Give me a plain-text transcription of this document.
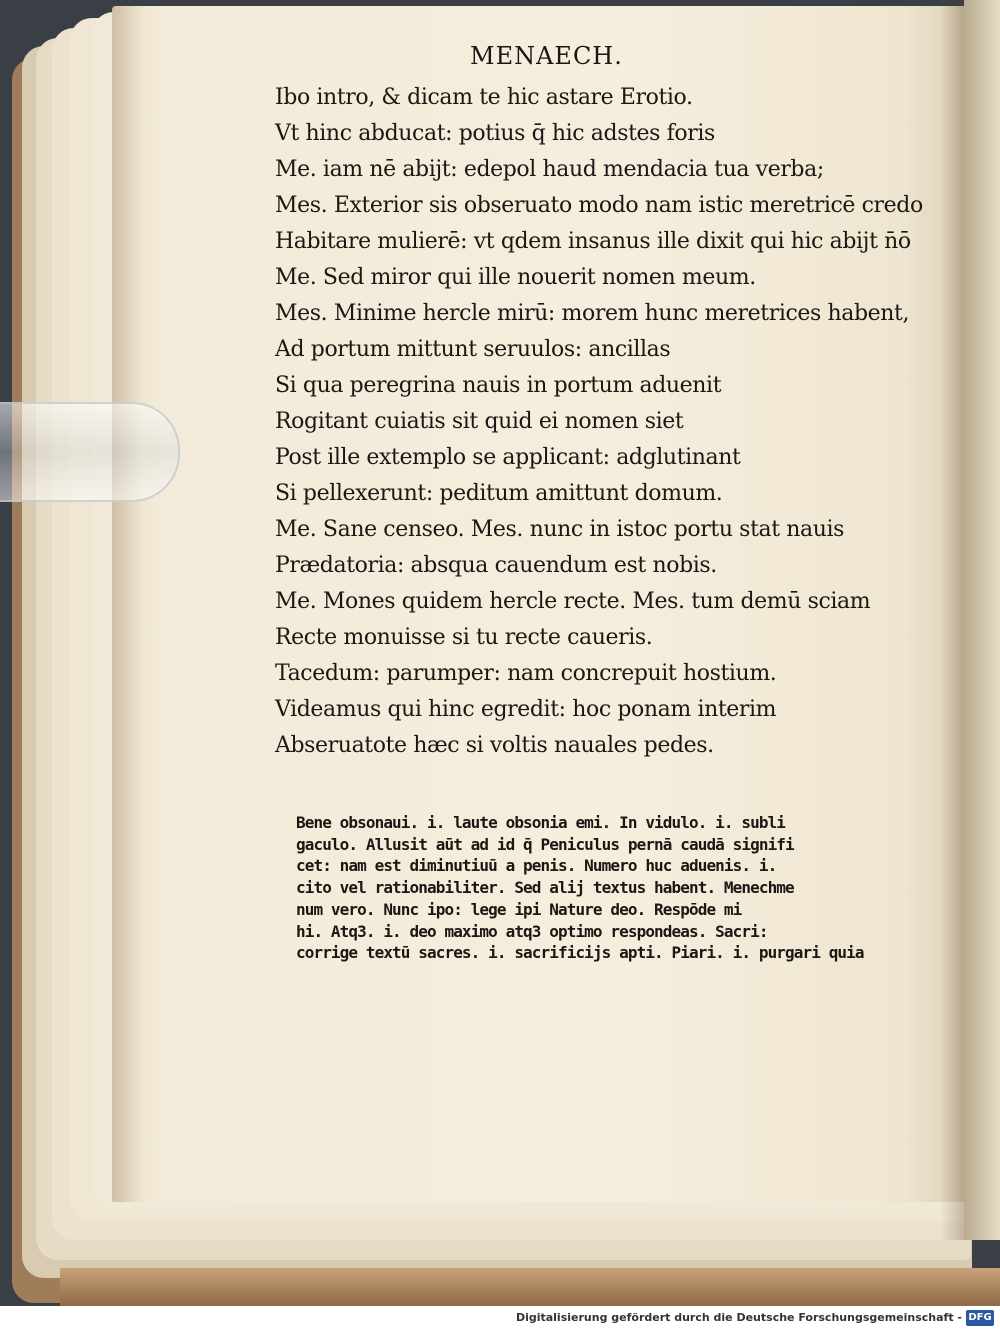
MENAECH.
Ibo intro, & dicam te hic astare Erotio.
Vt hinc abducat: potius q̄ hic adstes foris
Me. iam nē abijt: edepol haud mendacia tua verba;
Mes. Exterior sis obseruato modo nam istic meretricē credo
Habitare mulierē: vt qdem insanus ille dixit qui hic abijt n̄ō
Me. Sed miror qui ille nouerit nomen meum.
Mes. Minime hercle mirū: morem hunc meretrices habent,
Ad portum mittunt seruulos: ancillas
Si qua peregrina nauis in portum aduenit
Rogitant cuiatis sit quid ei nomen siet
Post ille extemplo se applicant: adglutinant
Si pellexerunt: peditum amittunt domum.
Me. Sane censeo. Mes. nunc in istoc portu stat nauis
Prædatoria: absqua cauendum est nobis.
Me. Mones quidem hercle recte. Mes. tum demū sciam
Recte monuisse si tu recte caueris.
Tacedum: parumper: nam concrepuit hostium.
Videamus qui hinc egredit: hoc ponam interim
Abseruatote hæc si voltis nauales pedes.
Bene obsonaui. i. laute obsonia emi. In vidulo. i. subli
gaculo. Allusit aūt ad id q̄ Peniculus pernā caudā signifi
cet: nam est diminutiuū a penis. Numero huc aduenis. i.
cito vel rationabiliter. Sed alij textus habent. Menechme
num vero. Nunc ipo: lege ipi Nature deo. Respōde mi
hi. Atq3. i. deo maximo atq3 optimo respondeas. Sacri:
corrige textū sacres. i. sacrificijs apti. Piari. i. purgari quia
Digitalisierung gefördert durch die Deutsche Forschungsgemeinschaft - DFG
